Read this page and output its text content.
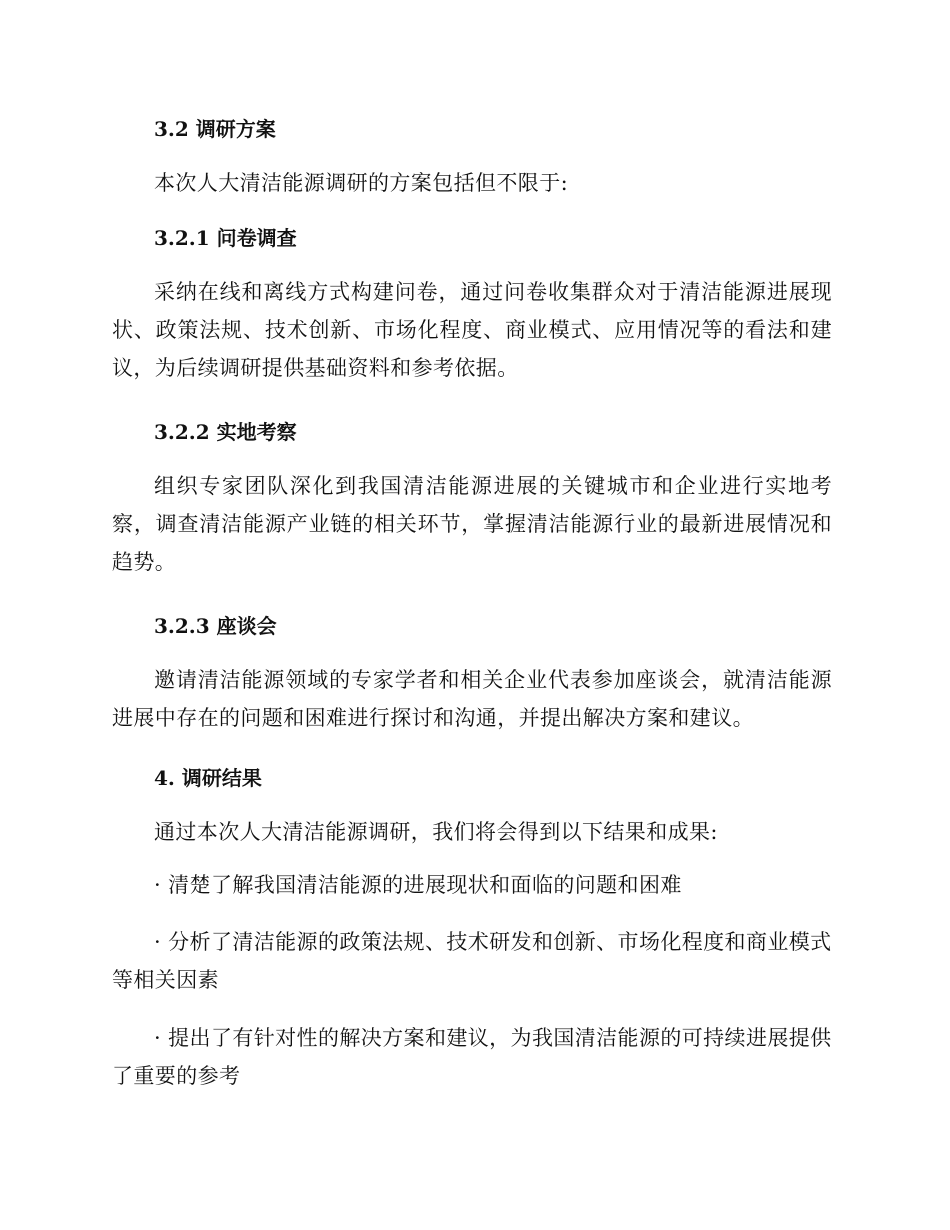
3.2 调研方案

本次人大清洁能源调研的方案包括但不限于:

3.2.1 问卷调查

采纳在线和离线方式构建问卷，通过问卷收集群众对于清洁能源进展现状、政策法规、技术创新、市场化程度、商业模式、应用情况等的看法和建议，为后续调研提供基础资料和参考依据。

3.2.2 实地考察

组织专家团队深化到我国清洁能源进展的关键城市和企业进行实地考察，调查清洁能源产业链的相关环节，掌握清洁能源行业的最新进展情况和趋势。

3.2.3 座谈会

邀请清洁能源领域的专家学者和相关企业代表参加座谈会，就清洁能源进展中存在的问题和困难进行探讨和沟通，并提出解决方案和建议。

4. 调研结果

通过本次人大清洁能源调研，我们将会得到以下结果和成果:

· 清楚了解我国清洁能源的进展现状和面临的问题和困难

· 分析了清洁能源的政策法规、技术研发和创新、市场化程度和商业模式等相关因素

· 提出了有针对性的解决方案和建议，为我国清洁能源的可持续进展提供了重要的参考
